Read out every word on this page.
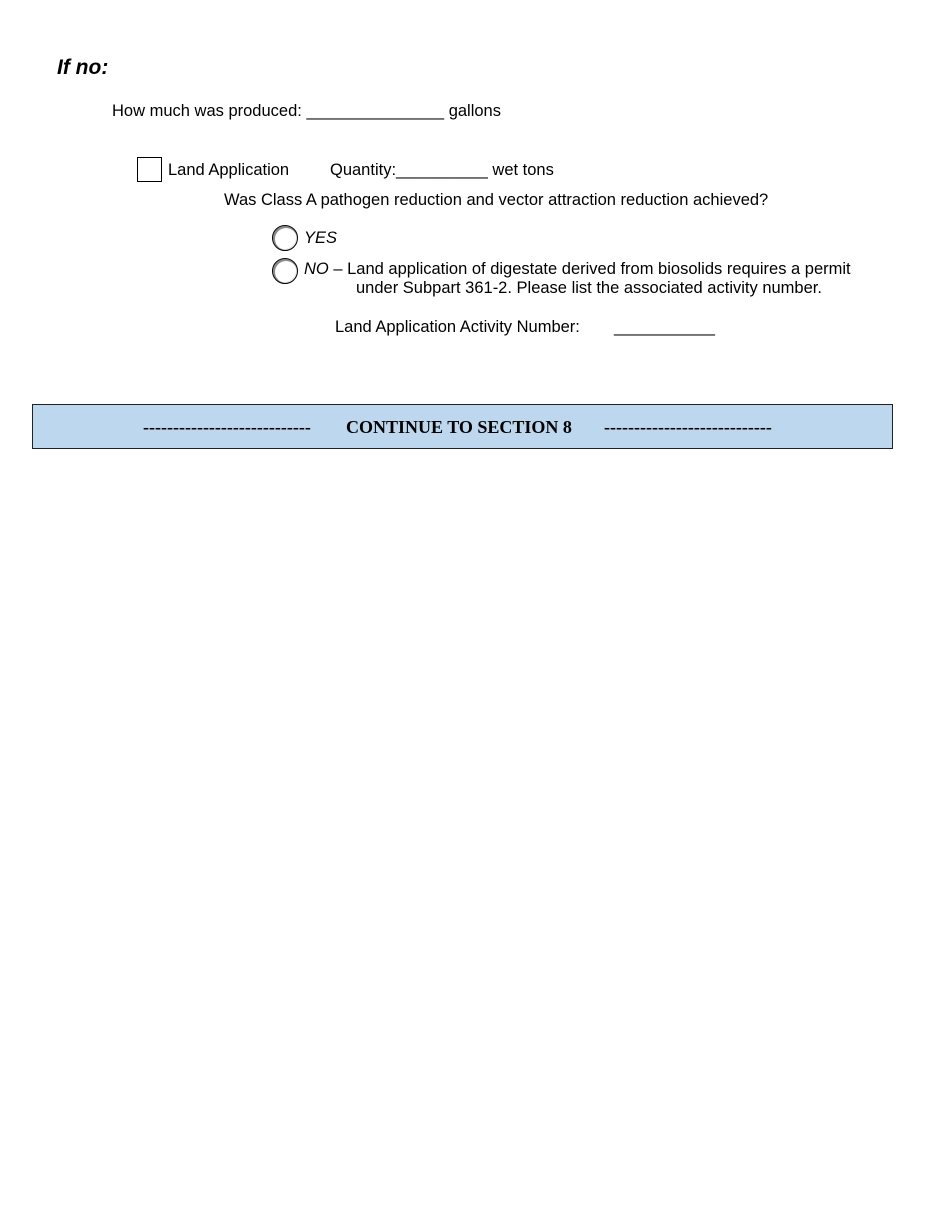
If no:
How much was produced: _______________ gallons
Land Application Quantity:__________ wet tons
Was Class A pathogen reduction and vector attraction reduction achieved?
YES
NO – Land application of digestate derived from biosolids requires a permit
under Subpart 361-2. Please list the associated activity number.
Land Application Activity Number: ___________
---------------------------- CONTINUE TO SECTION 8 ----------------------------
